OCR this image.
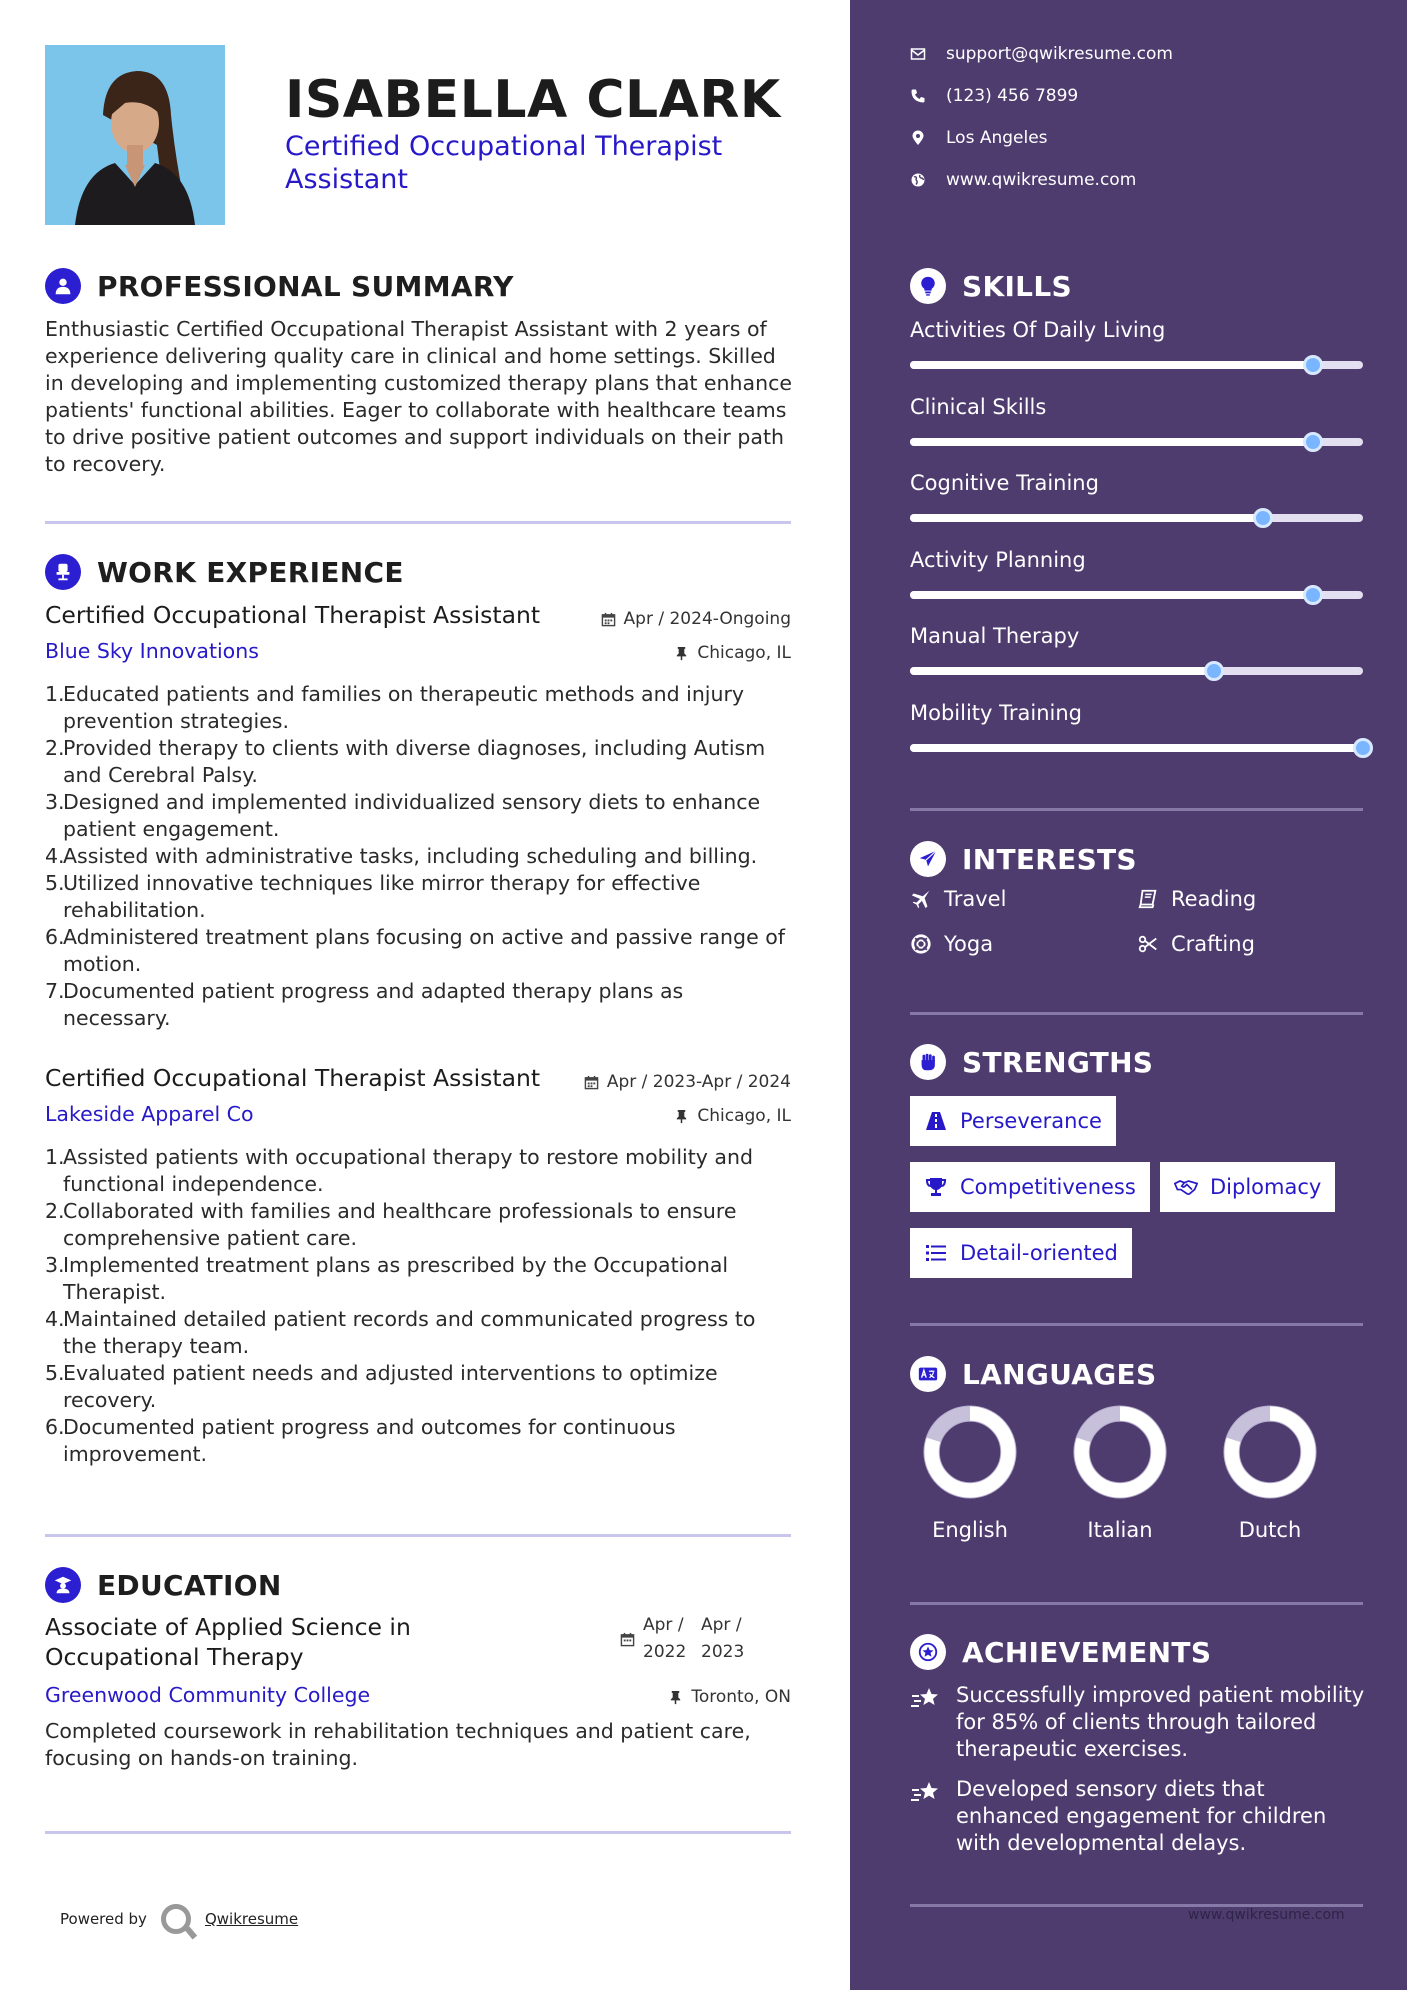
ISABELLA CLARK
Certified Occupational Therapist Assistant
PROFESSIONAL SUMMARY
Enthusiastic Certified Occupational Therapist Assistant with 2 years of experience delivering quality care in clinical and home settings. Skilled in developing and implementing customized therapy plans that enhance patients' functional abilities. Eager to collaborate with healthcare teams to drive positive patient outcomes and support individuals on their path to recovery.
WORK EXPERIENCE
Certified Occupational Therapist Assistant	Apr / 2024-Ongoing
Blue Sky Innovations	Chicago, IL
1.
Educated patients and families on therapeutic methods and injury prevention strategies.
2.
Provided therapy to clients with diverse diagnoses, including Autism and Cerebral Palsy.
3.
Designed and implemented individualized sensory diets to enhance patient engagement.
4.
Assisted with administrative tasks, including scheduling and billing.
5.
Utilized innovative techniques like mirror therapy for effective rehabilitation.
6.
Administered treatment plans focusing on active and passive range of motion.
7.
Documented patient progress and adapted therapy plans as necessary.
Certified Occupational Therapist Assistant	Apr / 2023-Apr / 2024
Lakeside Apparel Co	Chicago, IL
1.
Assisted patients with occupational therapy to restore mobility and functional independence.
2.
Collaborated with families and healthcare professionals to ensure comprehensive patient care.
3.
Implemented treatment plans as prescribed by the Occupational Therapist.
4.
Maintained detailed patient records and communicated progress to the therapy team.
5.
Evaluated patient needs and adjusted interventions to optimize recovery.
6.
Documented patient progress and outcomes for continuous improvement.
EDUCATION
Associate of Applied Science in Occupational Therapy
Apr /
2022
Apr /
2023
Greenwood Community College	Toronto, ON
Completed coursework in rehabilitation techniques and patient care, focusing on hands-on training.
Powered by	Qwikresume
support@qwikresume.com
(123) 456 7899
Los Angeles
www.qwikresume.com
SKILLS
Activities Of Daily Living
Clinical Skills
Cognitive Training
Activity Planning
Manual Therapy
Mobility Training
INTERESTS
Travel	Reading
Yoga	Crafting
STRENGTHS
Perseverance
Competitiveness	Diplomacy
Detail-oriented
LANGUAGES
English	Italian	Dutch
ACHIEVEMENTS
Successfully improved patient mobility for 85% of clients through tailored therapeutic exercises.
Developed sensory diets that enhanced engagement for children with developmental delays.
www.qwikresume.com
